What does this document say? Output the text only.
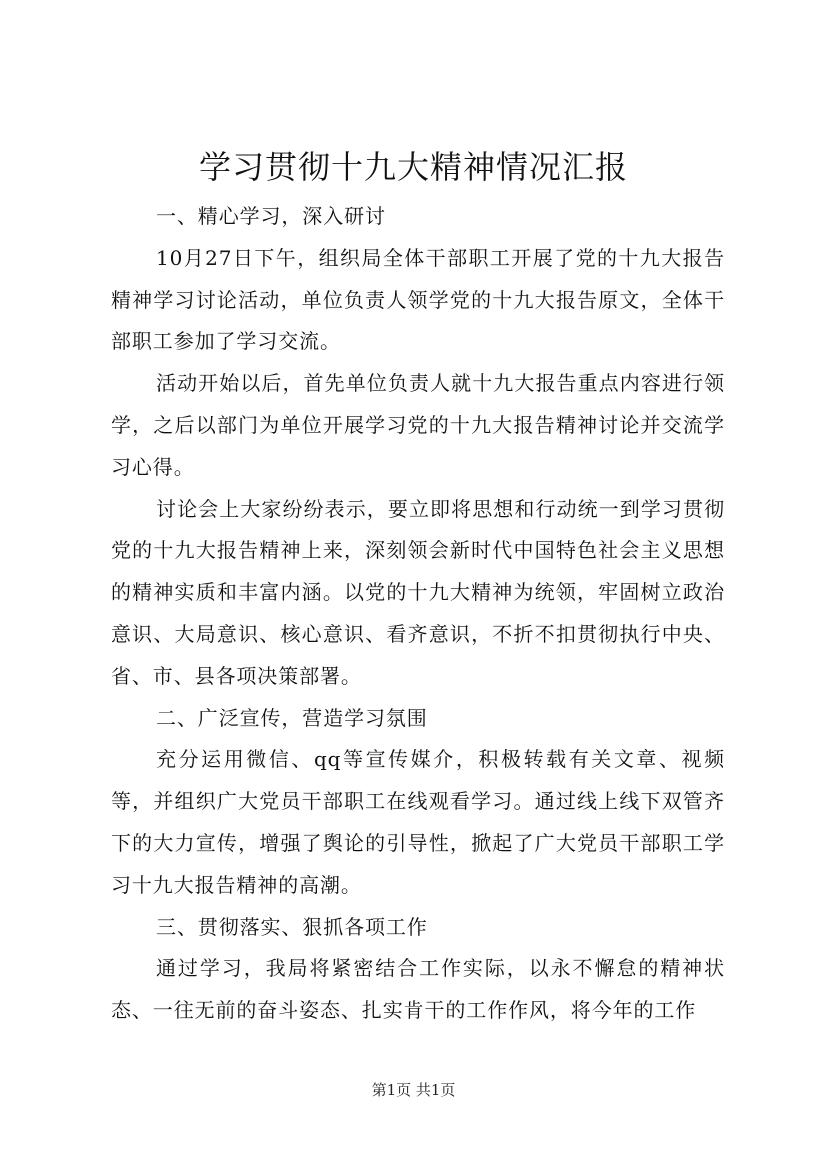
学习贯彻十九大精神情况汇报

一、精心学习，深入研讨

10月27日下午，组织局全体干部职工开展了党的十九大报告精神学习讨论活动，单位负责人领学党的十九大报告原文，全体干部职工参加了学习交流。

活动开始以后，首先单位负责人就十九大报告重点内容进行领学，之后以部门为单位开展学习党的十九大报告精神讨论并交流学习心得。

讨论会上大家纷纷表示，要立即将思想和行动统一到学习贯彻党的十九大报告精神上来，深刻领会新时代中国特色社会主义思想的精神实质和丰富内涵。以党的十九大精神为统领，牢固树立政治意识、大局意识、核心意识、看齐意识，不折不扣贯彻执行中央、省、市、县各项决策部署。

二、广泛宣传，营造学习氛围

充分运用微信、qq等宣传媒介，积极转载有关文章、视频等，并组织广大党员干部职工在线观看学习。通过线上线下双管齐下的大力宣传，增强了舆论的引导性，掀起了广大党员干部职工学习十九大报告精神的高潮。

三、贯彻落实、狠抓各项工作

通过学习，我局将紧密结合工作实际，以永不懈怠的精神状态、一往无前的奋斗姿态、扎实肯干的工作作风，将今年的工作

第1页 共1页
